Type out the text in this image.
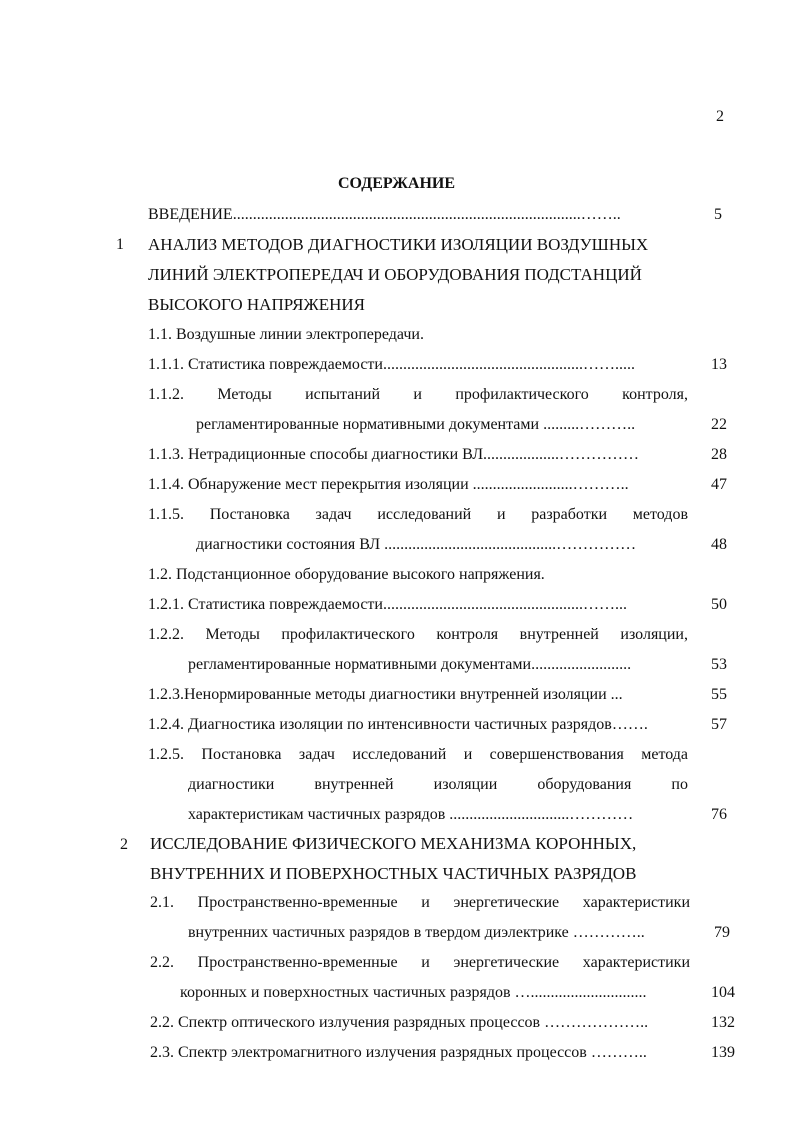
2
СОДЕРЖАНИЕ
ВВЕДЕНИЕ.......................................................................................……..	5
1 АНАЛИЗ МЕТОДОВ ДИАГНОСТИКИ ИЗОЛЯЦИИ ВОЗДУШНЫХ
ЛИНИЙ ЭЛЕКТРОПЕРЕДАЧ И ОБОРУДОВАНИЯ ПОДСТАНЦИЙ
ВЫСОКОГО НАПРЯЖЕНИЯ
1.1. Воздушные линии электропередачи.
1.1.1. Статистика повреждаемости..................................................…….....	13
1.1.2. Методы испытаний и профилактического контроля,
регламентированные нормативными документами .........………..	22
1.1.3. Нетрадиционные способы диагностики ВЛ...................……………	28
1.1.4. Обнаружение мест перекрытия изоляции .........................………..	47
1.1.5. Постановка задач исследований и разработки методов
диагностики состояния ВЛ ...........................................……………	48
1.2. Подстанционное оборудование высокого напряжения.
1.2.1. Статистика повреждаемости..................................................……...	50
1.2.2. Методы профилактического контроля внутренней изоляции,
регламентированные нормативными документами.........................	53
1.2.3.Ненормированные методы диагностики внутренней изоляции ...	55
1.2.4. Диагностика изоляции по интенсивности частичных разрядов…….	57
1.2.5. Постановка задач исследований и совершенствования метода
диагностики внутренней изоляции оборудования по
характеристикам частичных разрядов ..............................…………	76
2 ИССЛЕДОВАНИЕ ФИЗИЧЕСКОГО МЕХАНИЗМА КОРОННЫХ,
ВНУТРЕННИХ И ПОВЕРХНОСТНЫХ ЧАСТИЧНЫХ РАЗРЯДОВ
2.1. Пространственно-временные и энергетические характеристики
внутренних частичных разрядов в твердом диэлектрике …………..	79
2.2. Пространственно-временные и энергетические характеристики
коронных и поверхностных частичных разрядов ….............................	104
2.2. Спектр оптического излучения разрядных процессов ………………..	132
2.3. Спектр электромагнитного излучения разрядных процессов ………..	139
